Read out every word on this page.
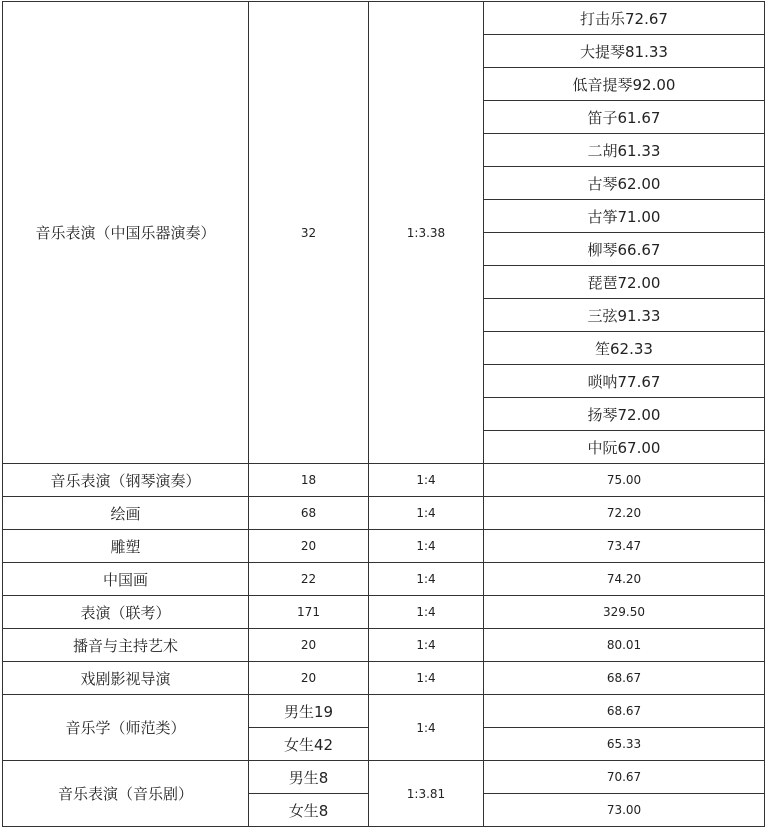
音乐表演（中国乐器演奏）	32	1:3.38	打击乐72.67
			大提琴81.33
			低音提琴92.00
			笛子61.67
			二胡61.33
			古琴62.00
			古筝71.00
			柳琴66.67
			琵琶72.00
			三弦91.33
			笙62.33
			唢呐77.67
			扬琴72.00
			中阮67.00
音乐表演（钢琴演奏）	18	1:4	75.00
绘画	68	1:4	72.20
雕塑	20	1:4	73.47
中国画	22	1:4	74.20
表演（联考）	171	1:4	329.50
播音与主持艺术	20	1:4	80.01
戏剧影视导演	20	1:4	68.67
音乐学（师范类）	男生19	1:4	68.67
	女生42		65.33
音乐表演（音乐剧）	男生8	1:3.81	70.67
	女生8		73.00
